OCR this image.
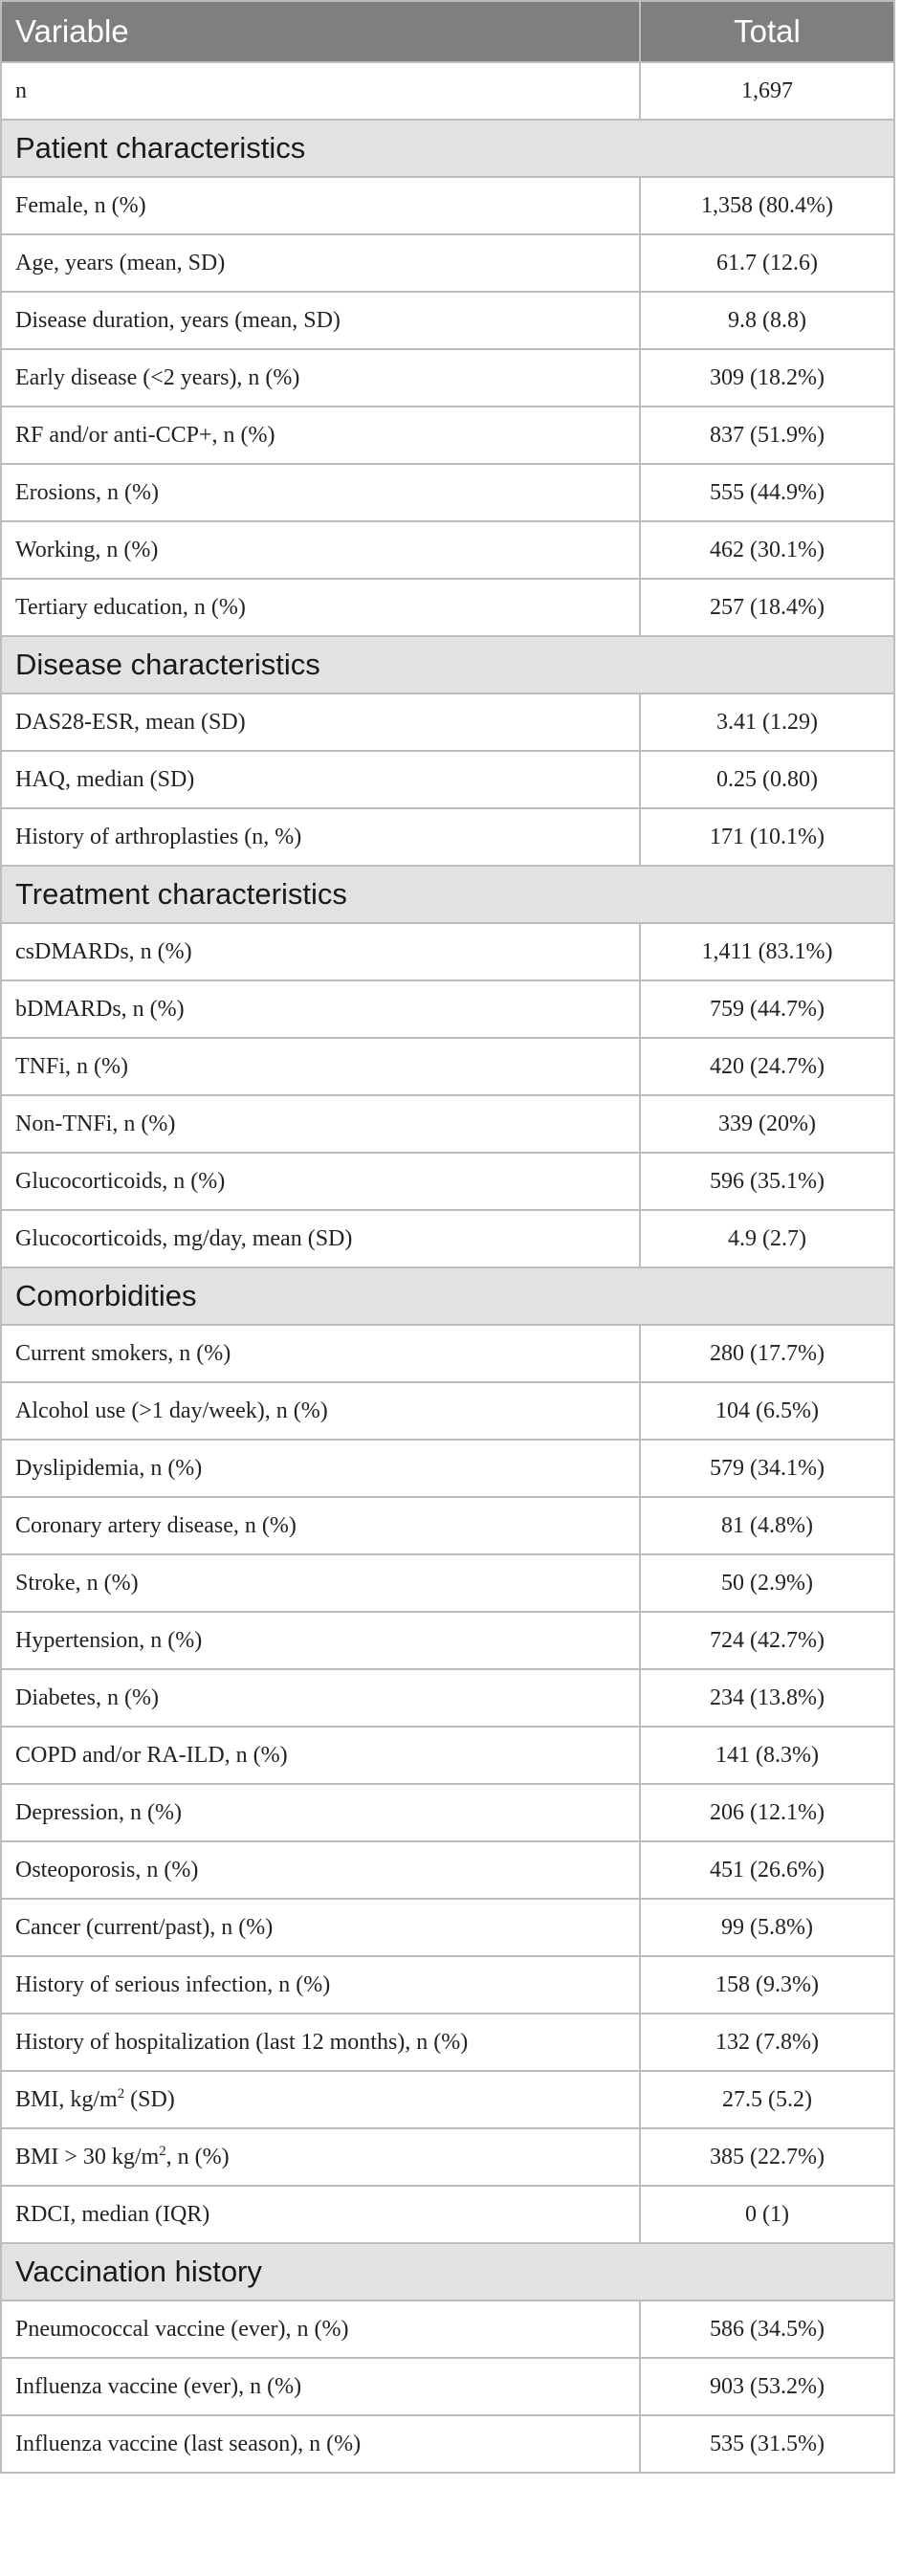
Variable	Total
n	1,697
Patient characteristics	
Female, n (%)	1,358 (80.4%)
Age, years (mean, SD)	61.7 (12.6)
Disease duration, years (mean, SD)	9.8 (8.8)
Early disease (<2 years), n (%)	309 (18.2%)
RF and/or anti-CCP+, n (%)	837 (51.9%)
Erosions, n (%)	555 (44.9%)
Working, n (%)	462 (30.1%)
Tertiary education, n (%)	257 (18.4%)
Disease characteristics	
DAS28-ESR, mean (SD)	3.41 (1.29)
HAQ, median (SD)	0.25 (0.80)
History of arthroplasties (n, %)	171 (10.1%)
Treatment characteristics	
csDMARDs, n (%)	1,411 (83.1%)
bDMARDs, n (%)	759 (44.7%)
TNFi, n (%)	420 (24.7%)
Non-TNFi, n (%)	339 (20%)
Glucocorticoids, n (%)	596 (35.1%)
Glucocorticoids, mg/day, mean (SD)	4.9 (2.7)
Comorbidities	
Current smokers, n (%)	280 (17.7%)
Alcohol use (>1 day/week), n (%)	104 (6.5%)
Dyslipidemia, n (%)	579 (34.1%)
Coronary artery disease, n (%)	81 (4.8%)
Stroke, n (%)	50 (2.9%)
Hypertension, n (%)	724 (42.7%)
Diabetes, n (%)	234 (13.8%)
COPD and/or RA-ILD, n (%)	141 (8.3%)
Depression, n (%)	206 (12.1%)
Osteoporosis, n (%)	451 (26.6%)
Cancer (current/past), n (%)	99 (5.8%)
History of serious infection, n (%)	158 (9.3%)
History of hospitalization (last 12 months), n (%)	132 (7.8%)
BMI, $kg/m^2$ (SD)	27.5 (5.2)
BMI > 30 $kg/m^2$, n (%)	385 (22.7%)
RDCI, median (IQR)	0 (1)
Vaccination history	
Pneumococcal vaccine (ever), n (%)	586 (34.5%)
Influenza vaccine (ever), n (%)	903 (53.2%)
Influenza vaccine (last season), n (%)	535 (31.5%)
